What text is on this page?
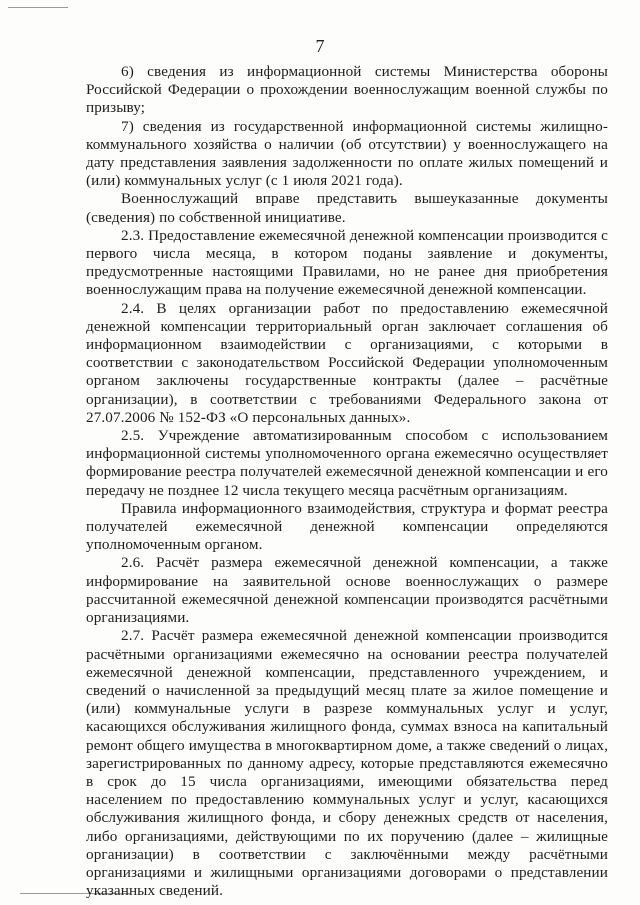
7

6) сведения из информационной системы Министерства обороны Российской Федерации о прохождении военнослужащим военной службы по призыву;

7) сведения из государственной информационной системы жилищно-коммунального хозяйства о наличии (об отсутствии) у военнослужащего на дату представления заявления задолженности по оплате жилых помещений и (или) коммунальных услуг (с 1 июля 2021 года).

Военнослужащий вправе представить вышеуказанные документы (сведения) по собственной инициативе.

2.3. Предоставление ежемесячной денежной компенсации производится с первого числа месяца, в котором поданы заявление и документы, предусмотренные настоящими Правилами, но не ранее дня приобретения военнослужащим права на получение ежемесячной денежной компенсации.

2.4. В целях организации работ по предоставлению ежемесячной денежной компенсации территориальный орган заключает соглашения об информационном взаимодействии с организациями, с которыми в соответствии с законодательством Российской Федерации уполномоченным органом заключены государственные контракты (далее – расчётные организации), в соответствии с требованиями Федерального закона от 27.07.2006 № 152-ФЗ «О персональных данных».

2.5. Учреждение автоматизированным способом с использованием информационной системы уполномоченного органа ежемесячно осуществляет формирование реестра получателей ежемесячной денежной компенсации и его передачу не позднее 12 числа текущего месяца расчётным организациям.

Правила информационного взаимодействия, структура и формат реестра получателей ежемесячной денежной компенсации определяются уполномоченным органом.

2.6. Расчёт размера ежемесячной денежной компенсации, а также информирование на заявительной основе военнослужащих о размере рассчитанной ежемесячной денежной компенсации производятся расчётными организациями.

2.7. Расчёт размера ежемесячной денежной компенсации производится расчётными организациями ежемесячно на основании реестра получателей ежемесячной денежной компенсации, представленного учреждением, и сведений о начисленной за предыдущий месяц плате за жилое помещение и (или) коммунальные услуги в разрезе коммунальных услуг и услуг, касающихся обслуживания жилищного фонда, суммах взноса на капитальный ремонт общего имущества в многоквартирном доме, а также сведений о лицах, зарегистрированных по данному адресу, которые представляются ежемесячно в срок до 15 числа организациями, имеющими обязательства перед населением по предоставлению коммунальных услуг и услуг, касающихся обслуживания жилищного фонда, и сбору денежных средств от населения, либо организациями, действующими по их поручению (далее – жилищные организации) в соответствии с заключёнными между расчётными организациями и жилищными организациями договорами о представлении указанных сведений.
